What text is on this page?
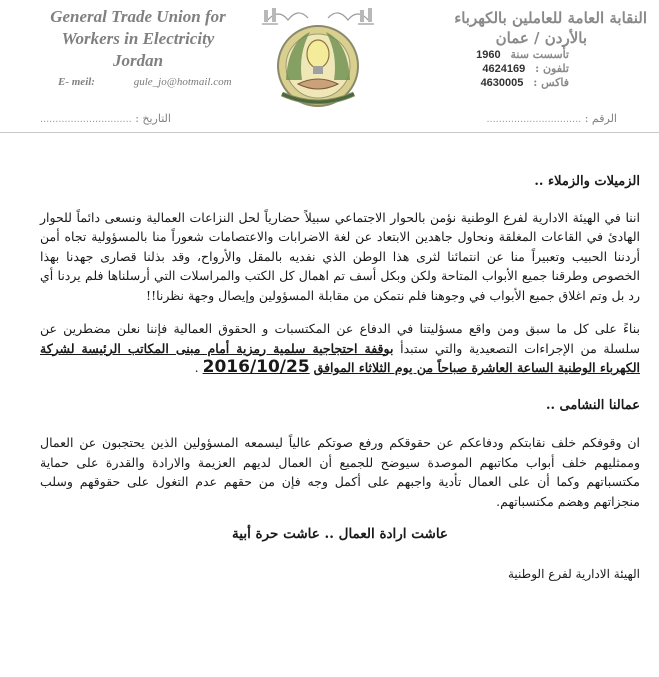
General Trade Union for
Workers in Electricity
Jordan
E- meil:	gule_jo@hotmail.com
النقابة العامة للعاملين بالكهرباء
بالأردن / عمان
تأسست سنة 1960
تلفون : 4624169
فاكس : 4630005
التاريخ : ..............................	الرقم : ...............................

الزميلات والزملاء ..

اننا في الهيئة الادارية لفرع الوطنية نؤمن بالحوار الاجتماعي سبيلاً حضارياً لحل النزاعات العمالية ونسعى دائماً للحوار الهادئ في القاعات المغلقة ونحاول جاهدين الابتعاد عن لغة الاضرابات والاعتصامات شعوراً منا بالمسؤولية تجاه أمن أردننا الحبيب وتعبيراً منا عن انتمائنا لثرى هذا الوطن الذي نفديه بالمقل والأرواح، وقد بذلنا قصارى جهدنا بهذا الخصوص وطرقنا جميع الأبواب المتاحة ولكن وبكل أسف تم اهمال كل الكتب والمراسلات التي أرسلناها فلم يردنا أي رد بل وتم اغلاق جميع الأبواب في وجوهنا فلم نتمكن من مقابلة المسؤولين وإيصال وجهة نظرنا!!

بناءً على كل ما سبق ومن واقع مسؤليتنا في الدفاع عن المكتسبات و الحقوق العمالية فإننا نعلن مضطرين عن سلسلة من الإجراءات التصعيدية والتي ستبدأ بوقفة احتجاجية سلمية رمزية أمام مبنى المكاتب الرئيسة لشركة الكهرباء الوطنية الساعة العاشرة صباحاً من يوم الثلاثاء الموافق 2016/10/25 .

عمالنا النشامى ..

ان وقوفكم خلف نقابتكم ودفاعكم عن حقوقكم ورفع صوتكم عالياً ليسمعه المسؤولين الذين يحتجبون عن العمال وممثليهم خلف أبواب مكاتبهم الموصدة سيوضح للجميع أن العمال لديهم العزيمة والارادة والقدرة على حماية مكتسباتهم وكما أن على العمال تأدية واجبهم على أكمل وجه فإن من حقهم عدم التغول على حقوقهم وسلب منجزاتهم وهضم مكتسباتهم.

عاشت ارادة العمال .. عاشت حرة أبية

الهيئة الادارية لفرع الوطنية
